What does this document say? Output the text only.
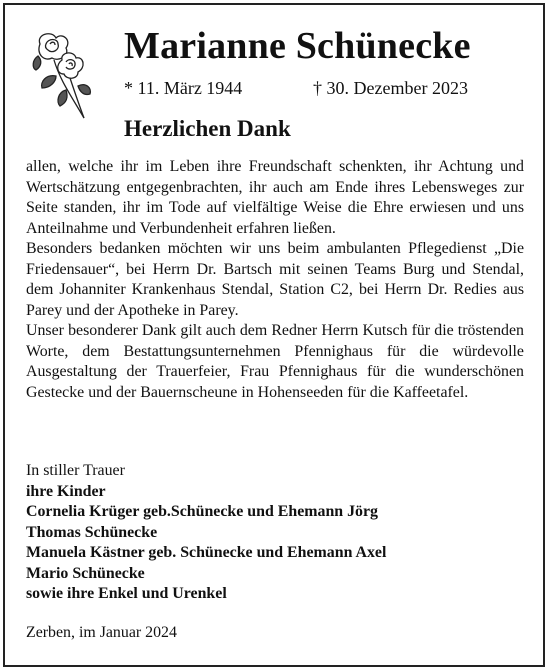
Marianne Schünecke
* 11. März 1944	† 30. Dezember 2023
Herzlichen Dank

allen, welche ihr im Leben ihre Freundschaft schenkten, ihr Achtung und Wertschätzung entgegenbrachten, ihr auch am Ende ihres Lebensweges zur Seite standen, ihr im Tode auf vielfältige Weise die Ehre erwiesen und uns Anteilnahme und Verbundenheit erfahren ließen.

Besonders bedanken möchten wir uns beim ambulanten Pflegedienst „Die Friedensauer“, bei Herrn Dr. Bartsch mit seinen Teams Burg und Stendal, dem Johanniter Krankenhaus Stendal, Station C2, bei Herrn Dr. Redies aus Parey und der Apotheke in Parey.

Unser besonderer Dank gilt auch dem Redner Herrn Kutsch für die tröstenden Worte, dem Bestattungsunternehmen Pfennighaus für die würdevolle Ausgestaltung der Trauerfeier, Frau Pfennighaus für die wunderschönen Gestecke und der Bauernscheune in Hohenseeden für die Kaffeetafel.

In stiller Trauer
ihre Kinder
Cornelia Krüger geb.Schünecke und Ehemann Jörg
Thomas Schünecke
Manuela Kästner geb. Schünecke und Ehemann Axel
Mario Schünecke
sowie ihre Enkel und Urenkel
Zerben, im Januar 2024
